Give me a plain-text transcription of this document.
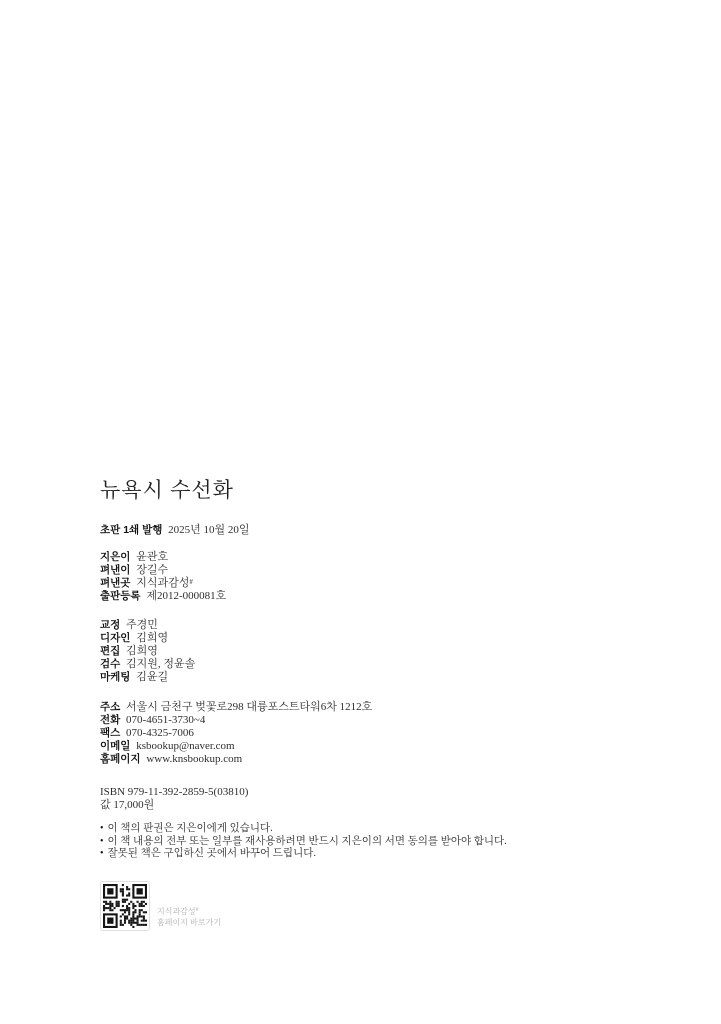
뉴욕시 수선화
초판 1쇄 발행 2025년 10월 20일
지은이 윤관호
펴낸이 장길수
펴낸곳 지식과감성#
출판등록 제2012-000081호
교정 주경민
디자인 김희영
편집 김희영
검수 김지원, 정윤솔
마케팅 김윤길
주소 서울시 금천구 벚꽃로298 대륭포스트타워6차 1212호
전화 070-4651-3730~4
팩스 070-4325-7006
이메일 ksbookup@naver.com
홈페이지 www.knsbookup.com
ISBN 979-11-392-2859-5(03810)
값 17,000원
• 이 책의 판권은 지은이에게 있습니다.
• 이 책 내용의 전부 또는 일부를 재사용하려면 반드시 지은이의 서면 동의를 받아야 합니다.
• 잘못된 책은 구입하신 곳에서 바꾸어 드립니다.
지식과감성#
홈페이지 바로가기
